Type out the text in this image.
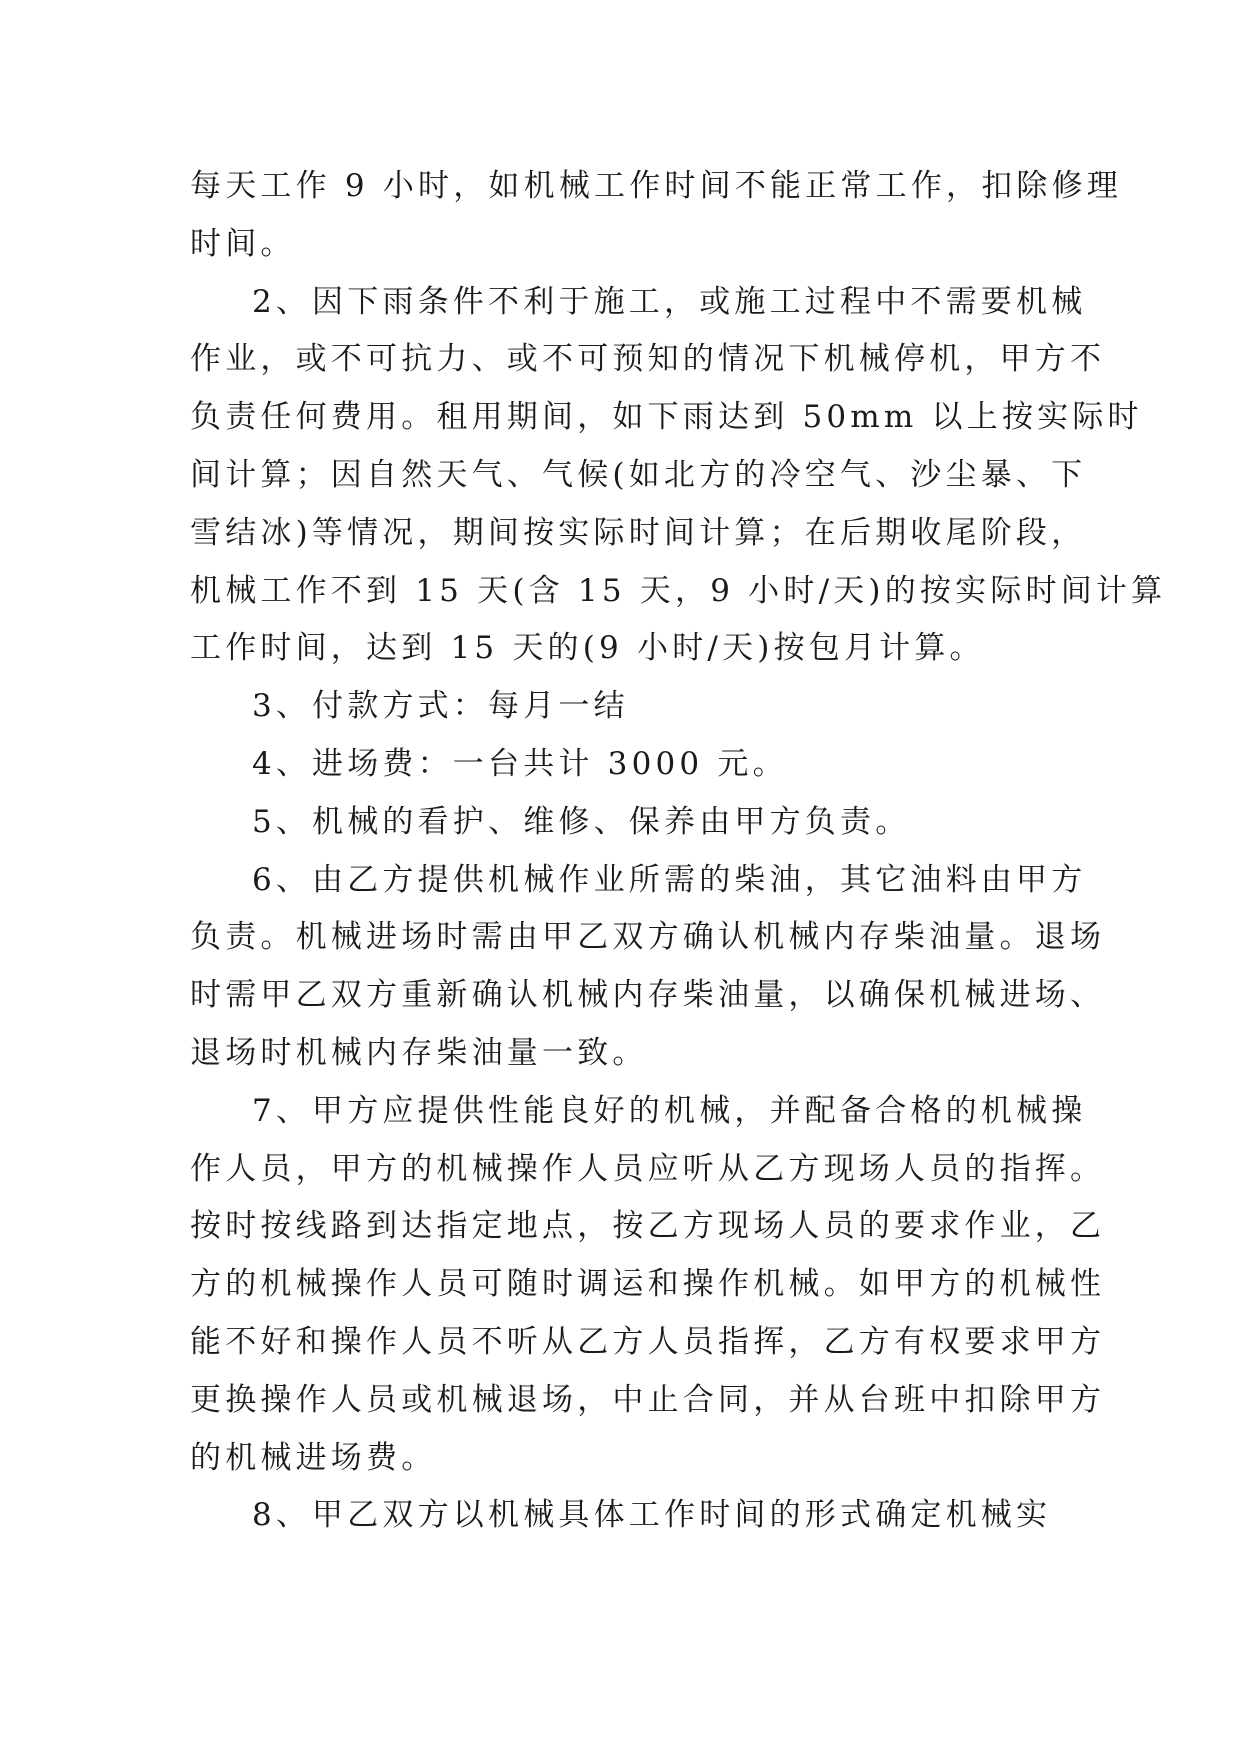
每天工作 9 小时，如机械工作时间不能正常工作，扣除修理
时间。
2、因下雨条件不利于施工，或施工过程中不需要机械
作业，或不可抗力、或不可预知的情况下机械停机，甲方不
负责任何费用。租用期间，如下雨达到 50mm 以上按实际时
间计算；因自然天气、气候(如北方的冷空气、沙尘暴、下
雪结冰)等情况，期间按实际时间计算；在后期收尾阶段，
机械工作不到 15 天(含 15 天，9 小时/天)的按实际时间计算
工作时间，达到 15 天的(9 小时/天)按包月计算。
3、付款方式：每月一结
4、进场费：一台共计 3000 元。
5、机械的看护、维修、保养由甲方负责。
6、由乙方提供机械作业所需的柴油，其它油料由甲方
负责。机械进场时需由甲乙双方确认机械内存柴油量。退场
时需甲乙双方重新确认机械内存柴油量，以确保机械进场、
退场时机械内存柴油量一致。
7、甲方应提供性能良好的机械，并配备合格的机械操
作人员，甲方的机械操作人员应听从乙方现场人员的指挥。
按时按线路到达指定地点，按乙方现场人员的要求作业，乙
方的机械操作人员可随时调运和操作机械。如甲方的机械性
能不好和操作人员不听从乙方人员指挥，乙方有权要求甲方
更换操作人员或机械退场，中止合同，并从台班中扣除甲方
的机械进场费。
8、甲乙双方以机械具体工作时间的形式确定机械实
